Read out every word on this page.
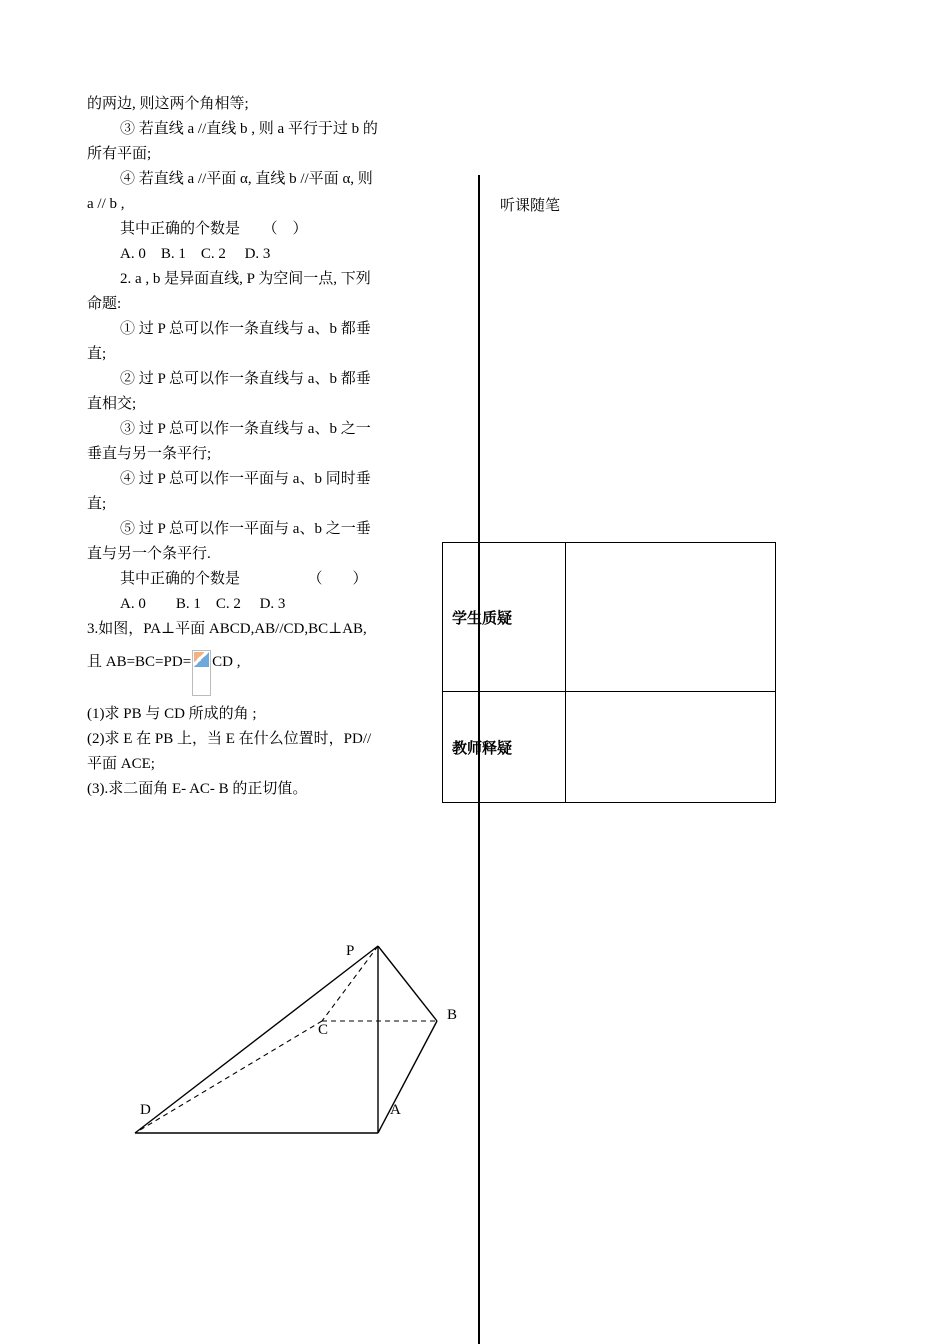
的两边, 则这两个角相等;

③ 若直线 a //直线 b , 则 a 平行于过 b 的

所有平面;

④ 若直线 a //平面 α, 直线 b //平面 α, 则

a // b ,

其中正确的个数是　　（　）

A. 0　B. 1　C. 2　 D. 3

2. a , b 是异面直线, P 为空间一点, 下列

命题:

① 过 P 总可以作一条直线与 a、b 都垂

直;

② 过 P 总可以作一条直线与 a、b 都垂

直相交;

③ 过 P 总可以作一条直线与 a、b 之一

垂直与另一条平行;

④ 过 P 总可以作一平面与 a、b 同时垂

直;

⑤ 过 P 总可以作一平面与 a、b 之一垂

直与另一个条平行.

其中正确的个数是　　　　　（　　）

A. 0　　B. 1　C. 2　 D. 3

3.如图，PA⊥平面 ABCD,AB//CD,BC⊥AB,

且 AB=BC=PD= CD ,

(1)求 PB 与 CD 所成的角 ;

(2)求 E 在 PB 上，当 E 在什么位置时，PD//

平面 ACE;

(3).求二面角 E- AC- B 的正切值。

听课随笔
学生质疑	
教师释疑	
P
B
C
D	A
